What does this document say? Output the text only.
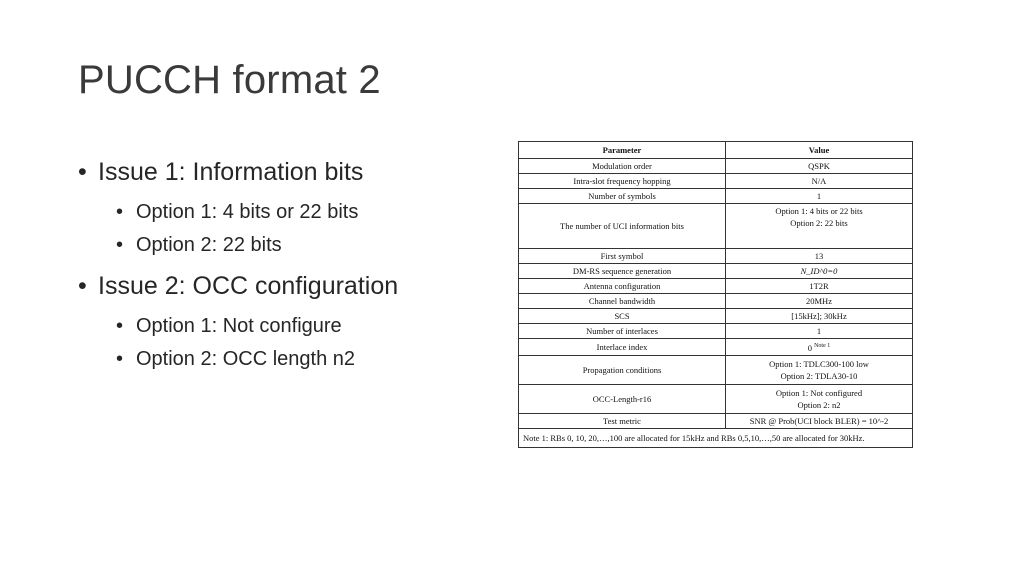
PUCCH format 2
• Issue 1: Information bits
• Option 1: 4 bits or 22 bits
• Option 2: 22 bits
• Issue 2: OCC configuration
• Option 1: Not configure
• Option 2: OCC length n2
Parameter	Value
Modulation order	QSPK
Intra-slot frequency hopping	N/A
Number of symbols	1
The number of UCI information bits	Option 1: 4 bits or 22 bits
Option 2: 22 bits

First symbol	13
DM-RS sequence generation	N_ID^0=0
Antenna configuration	1T2R
Channel bandwidth	20MHz
SCS	[15kHz]; 30kHz
Number of interlaces	1
Interlace index	0 $^{Note 1}$
Propagation conditions	Option 1: TDLC300-100 low
Option 2: TDLA30-10

OCC-Length-r16	Option 1: Not configured
Option 2: n2

Test metric	SNR @ Prob(UCI block BLER) = 10^-2
Note 1: RBs 0, 10, 20,…,100 are allocated for 15kHz and RBs 0,5,10,…,50 are allocated for 30kHz.	
